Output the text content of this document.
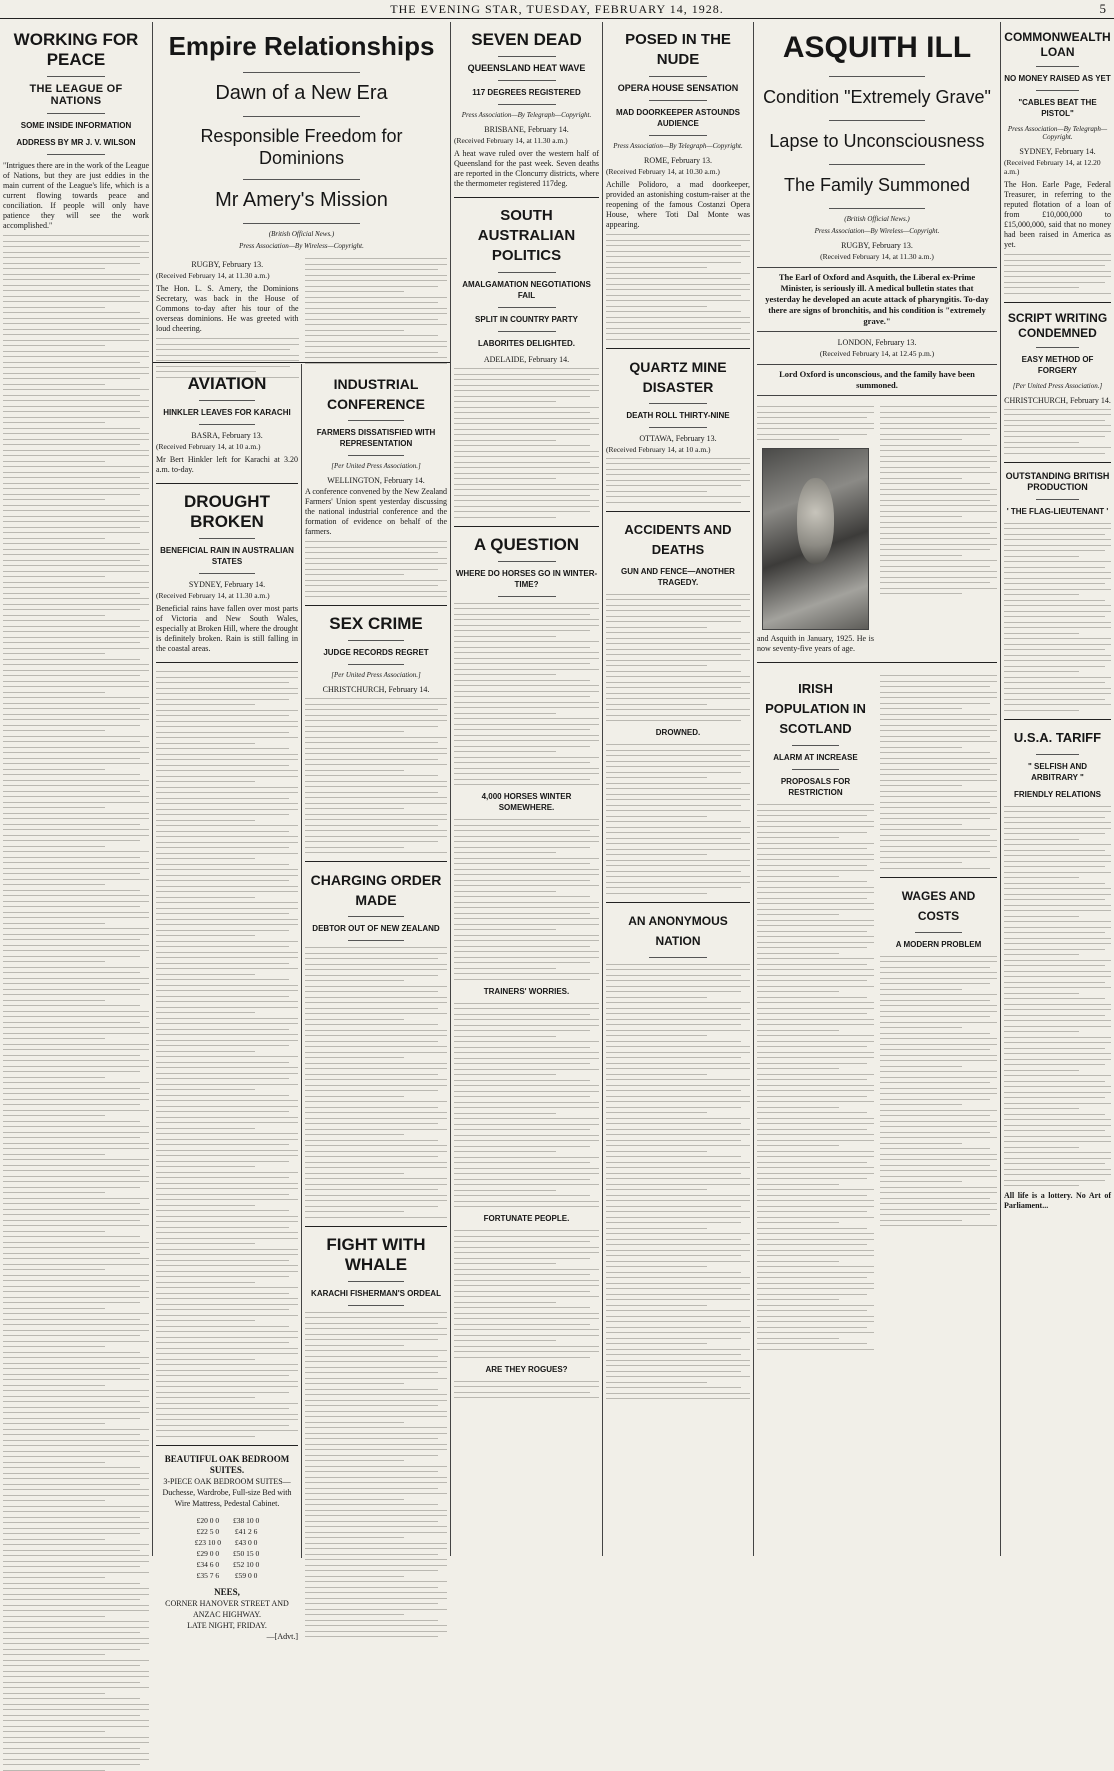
THE EVENING STAR, TUESDAY, FEBRUARY 14, 1928.	5
WORKING FOR PEACE
THE LEAGUE OF NATIONS
SOME INSIDE INFORMATION
ADDRESS BY MR J. V. WILSON

"Intrigues there are in the work of the League of Nations, but they are just eddies in the main current of the League's life, which is a current flowing towards peace and conciliation. If people will only have patience they will see the work accomplished."

Empire Relationships
Dawn of a New Era
Responsible Freedom for Dominions
Mr Amery's Mission
(British Official News.)
Press Association—By Wireless—Copyright.
RUGBY, February 13.
(Received February 14, at 11.30 a.m.)

The Hon. L. S. Amery, the Dominions Secretary, was back in the House of Commons to-day after his tour of the overseas dominions. He was greeted with loud cheering.

AVIATION
HINKLER LEAVES FOR KARACHI
BASRA, February 13.
(Received February 14, at 10 a.m.)

Mr Bert Hinkler left for Karachi at 3.20 a.m. to-day.

DROUGHT BROKEN
BENEFICIAL RAIN IN AUSTRALIAN STATES
SYDNEY, February 14.
(Received February 14, at 11.30 a.m.)

Beneficial rains have fallen over most parts of Victoria and New South Wales, especially at Broken Hill, where the drought is definitely broken. Rain is still falling in the coastal areas.

BEAUTIFUL OAK BEDROOM SUITES.
3-PIECE OAK BEDROOM SUITES—Duchesse, Wardrobe, Full-size Bed with Wire Mattress, Pedestal Cabinet.
£20 0 0	£38 10 0
£22 5 0	£41 2 6
£23 10 0	£43 0 0
£29 0 0	£50 15 0
£34 6 0	£52 10 0
£35 7 6	£59 0 0
NEES,
CORNER HANOVER STREET AND ANZAC HIGHWAY.
LATE NIGHT, FRIDAY.
—[Advt.]
INDUSTRIAL CONFERENCE
FARMERS DISSATISFIED WITH REPRESENTATION
[Per United Press Association.]
WELLINGTON, February 14.

A conference convened by the New Zealand Farmers' Union spent yesterday discussing the national industrial conference and the formation of evidence on behalf of the farmers.

SEX CRIME
JUDGE RECORDS REGRET
[Per United Press Association.]
CHRISTCHURCH, February 14.
CHARGING ORDER MADE
DEBTOR OUT OF NEW ZEALAND
FIGHT WITH WHALE
KARACHI FISHERMAN'S ORDEAL
SEVEN DEAD
QUEENSLAND HEAT WAVE
117 DEGREES REGISTERED
Press Association—By Telegraph—Copyright.
BRISBANE, February 14.
(Received February 14, at 11.30 a.m.)

A heat wave ruled over the western half of Queensland for the past week. Seven deaths are reported in the Cloncurry districts, where the thermometer registered 117deg.

SOUTH AUSTRALIAN POLITICS
AMALGAMATION NEGOTIATIONS FAIL
SPLIT IN COUNTRY PARTY
LABORITES DELIGHTED.
ADELAIDE, February 14.
A QUESTION
WHERE DO HORSES GO IN WINTER-TIME?
4,000 HORSES WINTER SOMEWHERE.
TRAINERS' WORRIES.
FORTUNATE PEOPLE.
ARE THEY ROGUES?
POSED IN THE NUDE
OPERA HOUSE SENSATION
MAD DOORKEEPER ASTOUNDS AUDIENCE
Press Association—By Telegraph—Copyright.
ROME, February 13.
(Received February 14, at 10.30 a.m.)

Achille Polidoro, a mad doorkeeper, provided an astonishing costum-raiser at the reopening of the famous Costanzi Opera House, where Toti Dal Monte was appearing.

QUARTZ MINE DISASTER
DEATH ROLL THIRTY-NINE
OTTAWA, February 13.
(Received February 14, at 10 a.m.)
ACCIDENTS AND DEATHS
GUN AND FENCE—ANOTHER TRAGEDY.
DROWNED.
AN ANONYMOUS NATION
ASQUITH ILL
Condition "Extremely Grave"
Lapse to Unconsciousness
The Family Summoned
(British Official News.)
Press Association—By Wireless—Copyright.
RUGBY, February 13.
(Received February 14, at 11.30 a.m.)
The Earl of Oxford and Asquith, the Liberal ex-Prime Minister, is seriously ill. A medical bulletin states that yesterday he developed an acute attack of pharyngitis. To-day there are signs of bronchitis, and his condition is "extremely grave."
LONDON, February 13.
(Received February 14, at 12.45 p.m.)
Lord Oxford is unconscious, and the family have been summoned.

and Asquith in January, 1925. He is now seventy-five years of age.

IRISH POPULATION IN SCOTLAND
ALARM AT INCREASE
PROPOSALS FOR RESTRICTION
WAGES AND COSTS
A MODERN PROBLEM
COMMONWEALTH LOAN
NO MONEY RAISED AS YET
"CABLES BEAT THE PISTOL"
Press Association—By Telegraph—Copyright.
SYDNEY, February 14.
(Received February 14, at 12.20 a.m.)

The Hon. Earle Page, Federal Treasurer, in referring to the reputed flotation of a loan of from £10,000,000 to £15,000,000, said that no money had been raised in America as yet.

SCRIPT WRITING CONDEMNED
EASY METHOD OF FORGERY
[Per United Press Association.]
CHRISTCHURCH, February 14.
OUTSTANDING BRITISH PRODUCTION
' THE FLAG-LIEUTENANT '
U.S.A. TARIFF
" SELFISH AND ARBITRARY "
FRIENDLY RELATIONS

All life is a lottery. No Art of Parliament...
